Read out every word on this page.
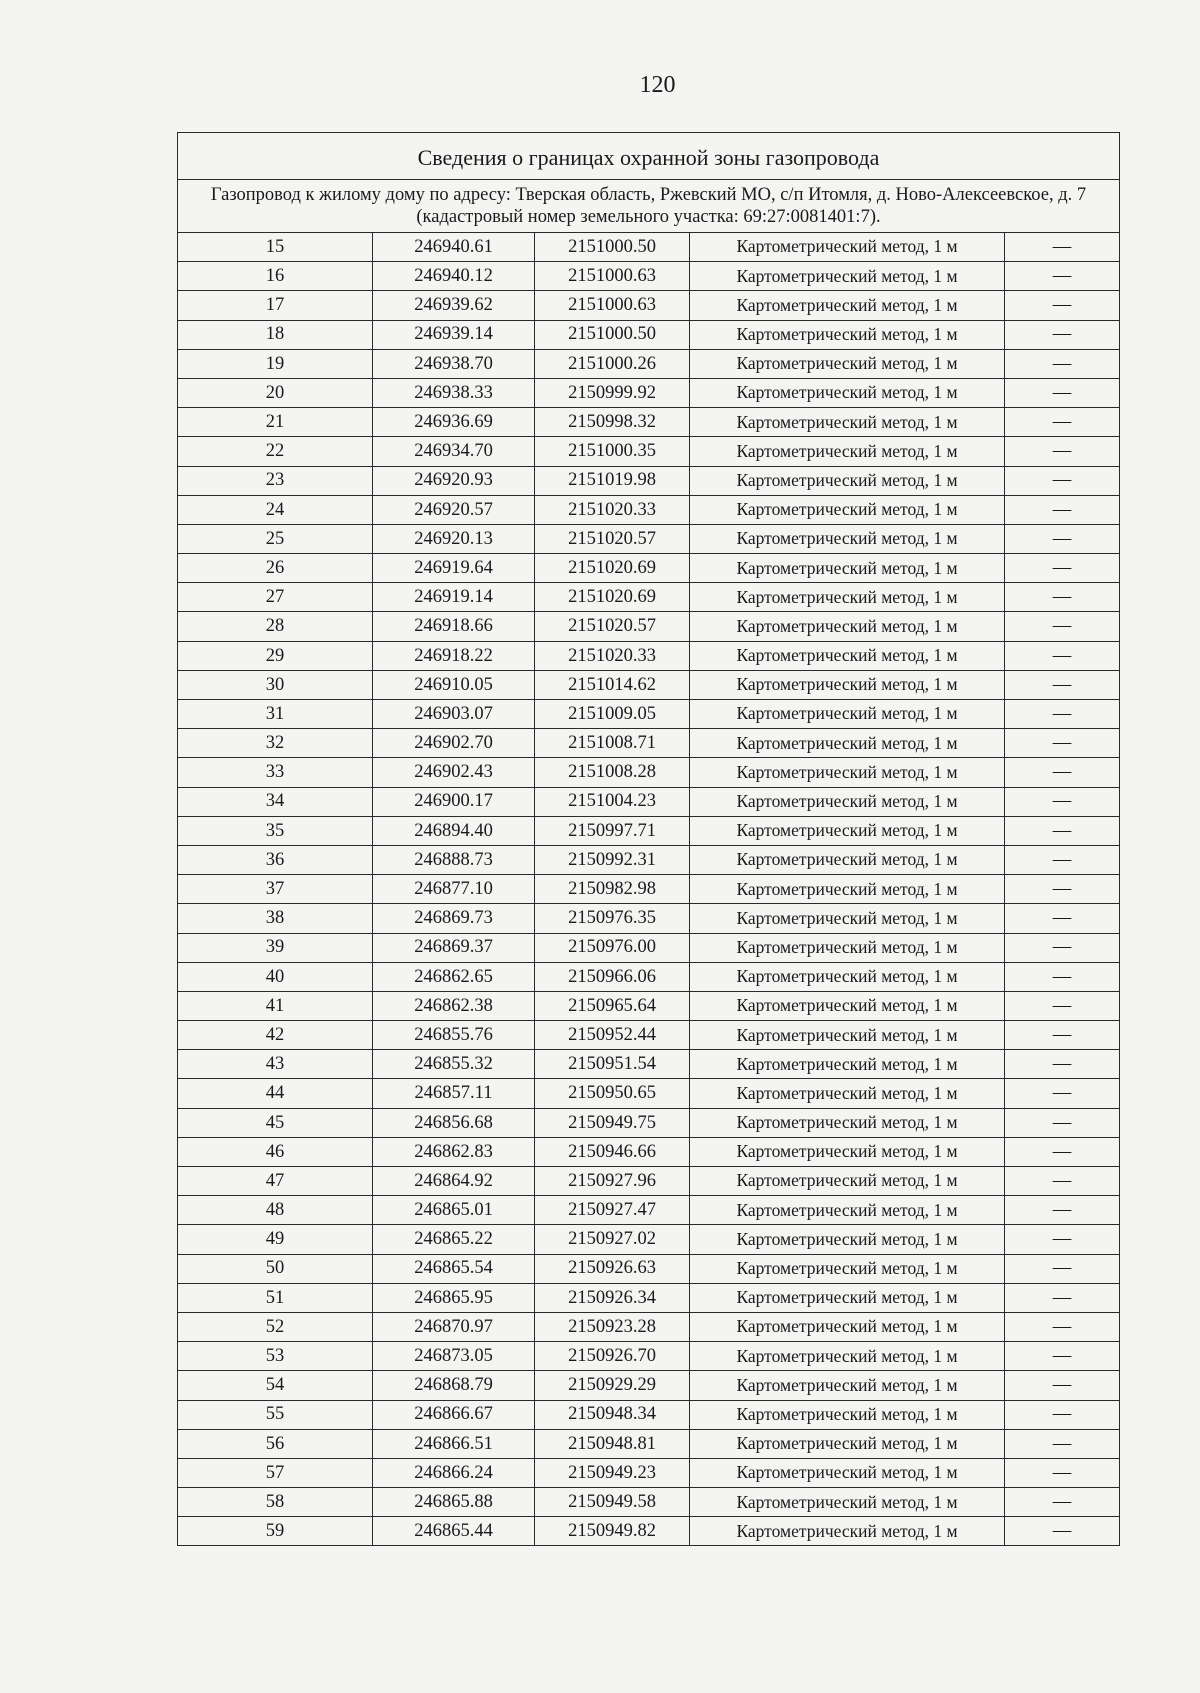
120
Сведения о границах охранной зоны газопровода				
Газопровод к жилому дому по адресу: Тверская область, Ржевский МО, с/п Итомля, д. Ново-Алексеевское, д. 7 (кадастровый номер земельного участка: 69:27:0081401:7).				
15	246940.61	2151000.50	Картометрический метод, 1 м	—
16	246940.12	2151000.63	Картометрический метод, 1 м	—
17	246939.62	2151000.63	Картометрический метод, 1 м	—
18	246939.14	2151000.50	Картометрический метод, 1 м	—
19	246938.70	2151000.26	Картометрический метод, 1 м	—
20	246938.33	2150999.92	Картометрический метод, 1 м	—
21	246936.69	2150998.32	Картометрический метод, 1 м	—
22	246934.70	2151000.35	Картометрический метод, 1 м	—
23	246920.93	2151019.98	Картометрический метод, 1 м	—
24	246920.57	2151020.33	Картометрический метод, 1 м	—
25	246920.13	2151020.57	Картометрический метод, 1 м	—
26	246919.64	2151020.69	Картометрический метод, 1 м	—
27	246919.14	2151020.69	Картометрический метод, 1 м	—
28	246918.66	2151020.57	Картометрический метод, 1 м	—
29	246918.22	2151020.33	Картометрический метод, 1 м	—
30	246910.05	2151014.62	Картометрический метод, 1 м	—
31	246903.07	2151009.05	Картометрический метод, 1 м	—
32	246902.70	2151008.71	Картометрический метод, 1 м	—
33	246902.43	2151008.28	Картометрический метод, 1 м	—
34	246900.17	2151004.23	Картометрический метод, 1 м	—
35	246894.40	2150997.71	Картометрический метод, 1 м	—
36	246888.73	2150992.31	Картометрический метод, 1 м	—
37	246877.10	2150982.98	Картометрический метод, 1 м	—
38	246869.73	2150976.35	Картометрический метод, 1 м	—
39	246869.37	2150976.00	Картометрический метод, 1 м	—
40	246862.65	2150966.06	Картометрический метод, 1 м	—
41	246862.38	2150965.64	Картометрический метод, 1 м	—
42	246855.76	2150952.44	Картометрический метод, 1 м	—
43	246855.32	2150951.54	Картометрический метод, 1 м	—
44	246857.11	2150950.65	Картометрический метод, 1 м	—
45	246856.68	2150949.75	Картометрический метод, 1 м	—
46	246862.83	2150946.66	Картометрический метод, 1 м	—
47	246864.92	2150927.96	Картометрический метод, 1 м	—
48	246865.01	2150927.47	Картометрический метод, 1 м	—
49	246865.22	2150927.02	Картометрический метод, 1 м	—
50	246865.54	2150926.63	Картометрический метод, 1 м	—
51	246865.95	2150926.34	Картометрический метод, 1 м	—
52	246870.97	2150923.28	Картометрический метод, 1 м	—
53	246873.05	2150926.70	Картометрический метод, 1 м	—
54	246868.79	2150929.29	Картометрический метод, 1 м	—
55	246866.67	2150948.34	Картометрический метод, 1 м	—
56	246866.51	2150948.81	Картометрический метод, 1 м	—
57	246866.24	2150949.23	Картометрический метод, 1 м	—
58	246865.88	2150949.58	Картометрический метод, 1 м	—
59	246865.44	2150949.82	Картометрический метод, 1 м	—
